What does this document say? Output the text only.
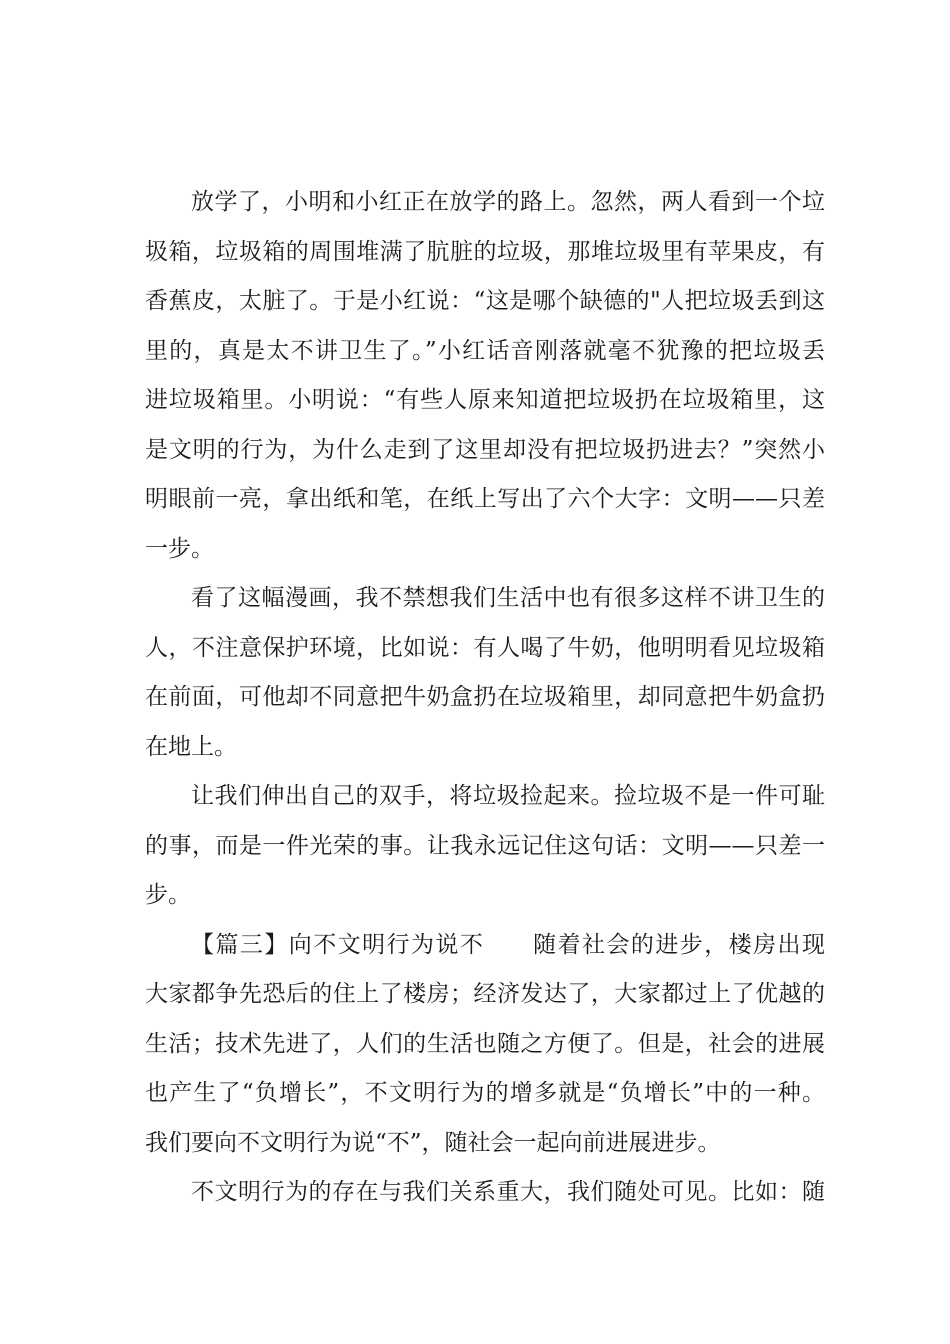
放学了，小明和小红正在放学的路上。忽然，两人看到一个垃
圾箱，垃圾箱的周围堆满了肮脏的垃圾，那堆垃圾里有苹果皮，有
香蕉皮，太脏了。于是小红说：“这是哪个缺德的"人把垃圾丢到这
里的，真是太不讲卫生了。”小红话音刚落就毫不犹豫的把垃圾丢
进垃圾箱里。小明说：“有些人原来知道把垃圾扔在垃圾箱里，这
是文明的行为，为什么走到了这里却没有把垃圾扔进去？”突然小
明眼前一亮，拿出纸和笔，在纸上写出了六个大字：文明——只差
一步。
看了这幅漫画，我不禁想我们生活中也有很多这样不讲卫生的
人，不注意保护环境，比如说：有人喝了牛奶，他明明看见垃圾箱
在前面，可他却不同意把牛奶盒扔在垃圾箱里，却同意把牛奶盒扔
在地上。
让我们伸出自己的双手，将垃圾捡起来。捡垃圾不是一件可耻
的事，而是一件光荣的事。让我永远记住这句话：文明——只差一
步。
【篇三】向不文明行为说不　　随着社会的进步，楼房出现
大家都争先恐后的住上了楼房；经济发达了，大家都过上了优越的
生活；技术先进了，人们的生活也随之方便了。但是，社会的进展
也产生了“负增长”，不文明行为的增多就是“负增长”中的一种。
我们要向不文明行为说“不”，随社会一起向前进展进步。
不文明行为的存在与我们关系重大，我们随处可见。比如：随
